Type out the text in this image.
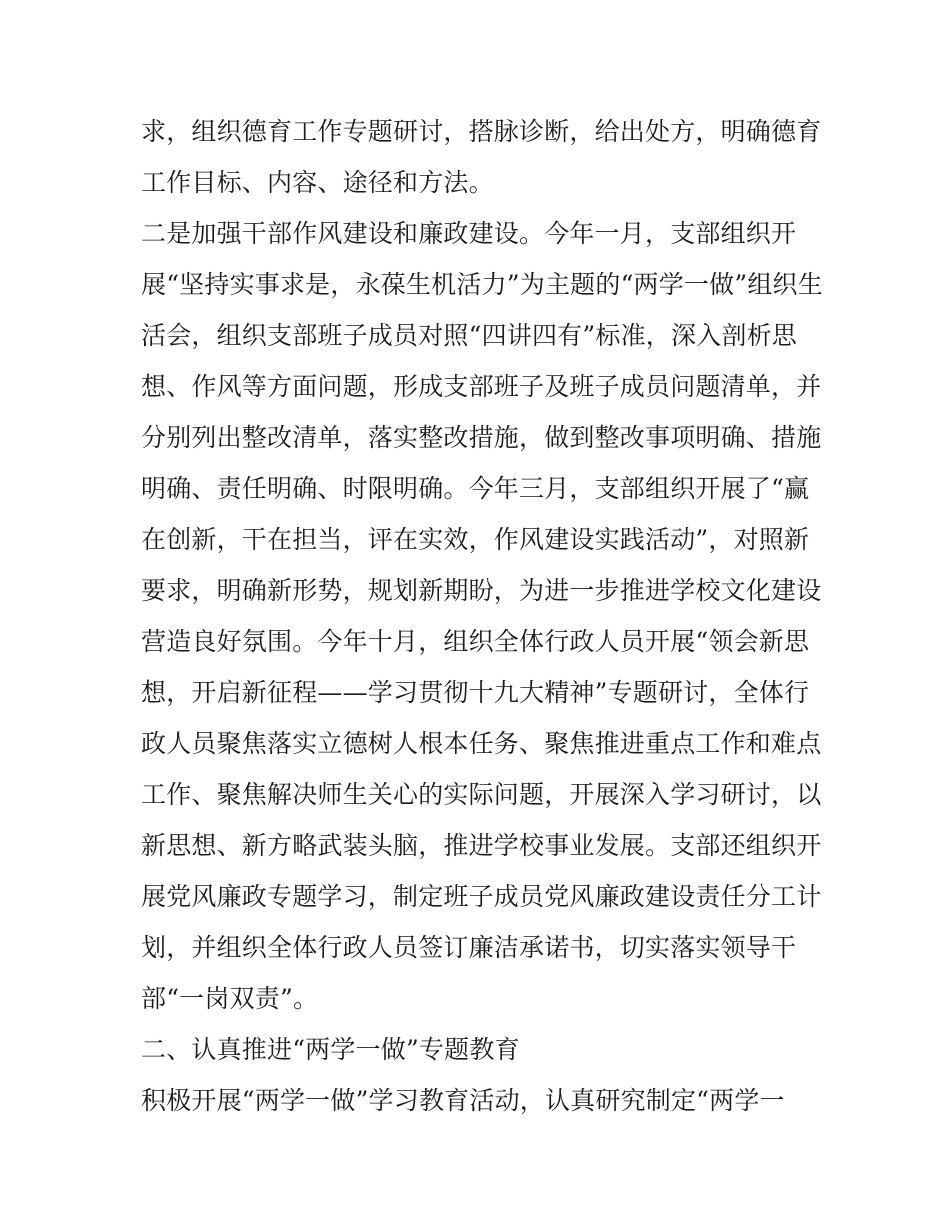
求，组织德育工作专题研讨，搭脉诊断，给出处方，明确德育
工作目标、内容、途径和方法。
二是加强干部作风建设和廉政建设。今年一月，支部组织开
展“坚持实事求是，永葆生机活力”为主题的“两学一做”组织生
活会，组织支部班子成员对照“四讲四有”标准，深入剖析思
想、作风等方面问题，形成支部班子及班子成员问题清单，并
分别列出整改清单，落实整改措施，做到整改事项明确、措施
明确、责任明确、时限明确。今年三月，支部组织开展了“赢
在创新，干在担当，评在实效，作风建设实践活动”，对照新
要求，明确新形势，规划新期盼，为进一步推进学校文化建设
营造良好氛围。今年十月，组织全体行政人员开展“领会新思
想，开启新征程——学习贯彻十九大精神”专题研讨，全体行
政人员聚焦落实立德树人根本任务、聚焦推进重点工作和难点
工作、聚焦解决师生关心的实际问题，开展深入学习研讨，以
新思想、新方略武装头脑，推进学校事业发展。支部还组织开
展党风廉政专题学习，制定班子成员党风廉政建设责任分工计
划，并组织全体行政人员签订廉洁承诺书，切实落实领导干
部“一岗双责”。
二、认真推进“两学一做”专题教育
积极开展“两学一做”学习教育活动，认真研究制定“两学一
